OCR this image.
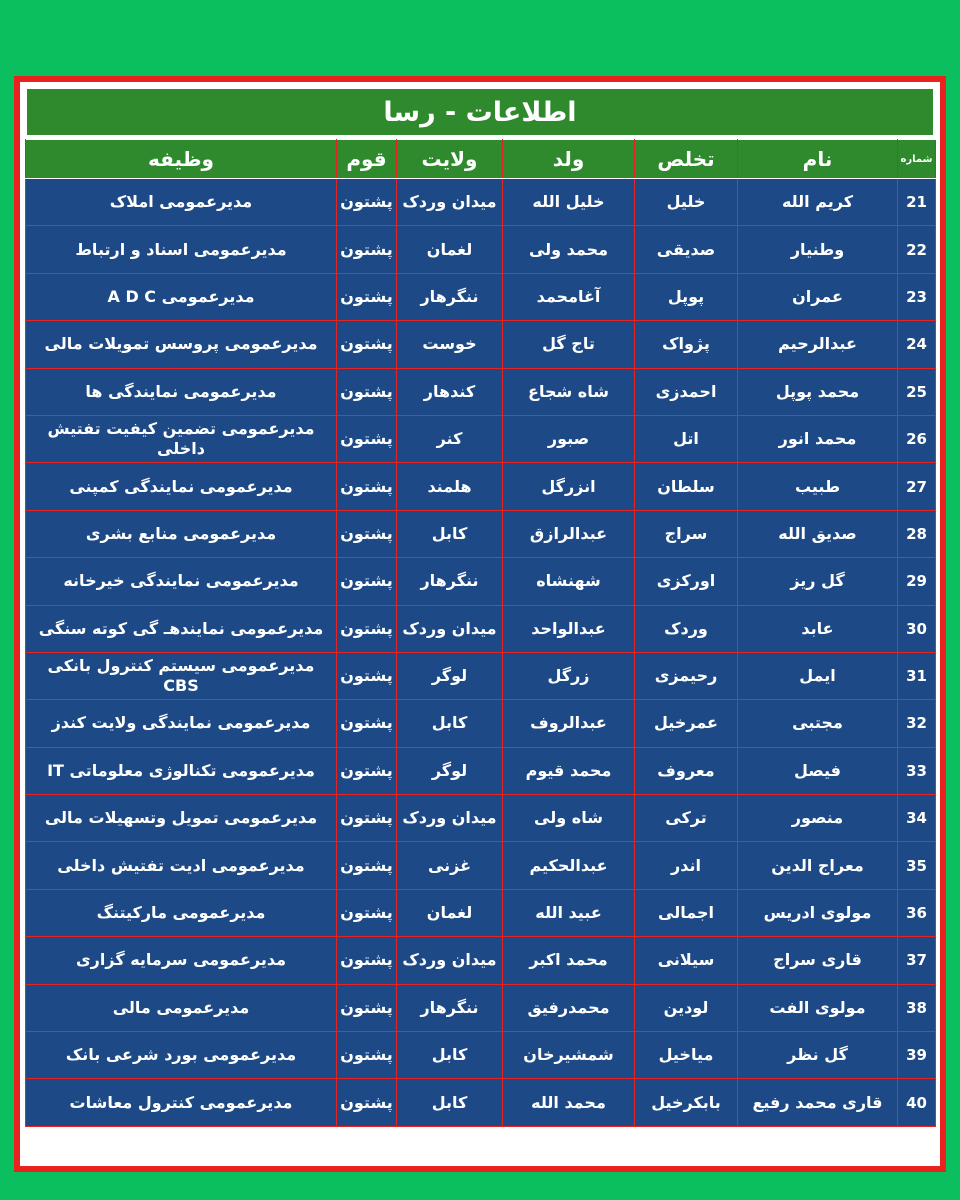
اطلاعات - رسا
شماره	نام	تخلص	ولد	ولایت	قوم	وظیفه
21	کریم الله	خلیل	خلیل الله	میدان وردک	پشتون	مدیرعمومی املاک
22	وطنیار	صدیقی	محمد ولی	لغمان	پشتون	مدیرعمومی اسناد و ارتباط
23	عمران	پوپل	آغامحمد	ننگرهار	پشتون	مدیرعمومی A D C
24	عبدالرحیم	پژواک	تاج گل	خوست	پشتون	مدیرعمومی پروسس تمویلات مالی
25	محمد پوپل	احمدزی	شاه شجاع	کندهار	پشتون	مدیرعمومی نمایندگی ها
26	محمد انور	اتل	صبور	کنر	پشتون	مدیرعمومی تضمین کیفیت تفتیش داخلی
27	طبیب	سلطان	انزرگل	هلمند	پشتون	مدیرعمومی نمایندگی کمپنی
28	صدیق الله	سراج	عبدالرازق	کابل	پشتون	مدیرعمومی منابع بشری
29	گل ریز	اورکزی	شهنشاه	ننگرهار	پشتون	مدیرعمومی نمایندگی خیرخانه
30	عابد	وردک	عبدالواحد	میدان وردک	پشتون	مدیرعمومی نمایندهـ گی کوته سنگی
31	ایمل	رحیمزی	زرگل	لوگر	پشتون	مدیرعمومی سیستم کنترول بانکی CBS
32	مجتبی	عمرخیل	عبدالروف	کابل	پشتون	مدیرعمومی نمایندگی ولایت کندز
33	فیصل	معروف	محمد قیوم	لوگر	پشتون	مدیرعمومی تکنالوژی معلوماتی IT
34	منصور	ترکی	شاه ولی	میدان وردک	پشتون	مدیرعمومی تمویل وتسهیلات مالی
35	معراج الدین	اندر	عبدالحکیم	غزنی	پشتون	مدیرعمومی ادیت تفتیش داخلی
36	مولوی ادریس	اجمالی	عبید الله	لغمان	پشتون	مدیرعمومی مارکیتنگ
37	قاری سراج	سیلانی	محمد اکبر	میدان وردک	پشتون	مدیرعمومی سرمایه گزاری
38	مولوی الفت	لودین	محمدرفیق	ننگرهار	پشتون	مدیرعمومی مالی
39	گل نظر	میاخیل	شمشیرخان	کابل	پشتون	مدیرعمومی بورد شرعی بانک
40	قاری محمد رفیع	بابکرخیل	محمد الله	کابل	پشتون	مدیرعمومی کنترول معاشات
